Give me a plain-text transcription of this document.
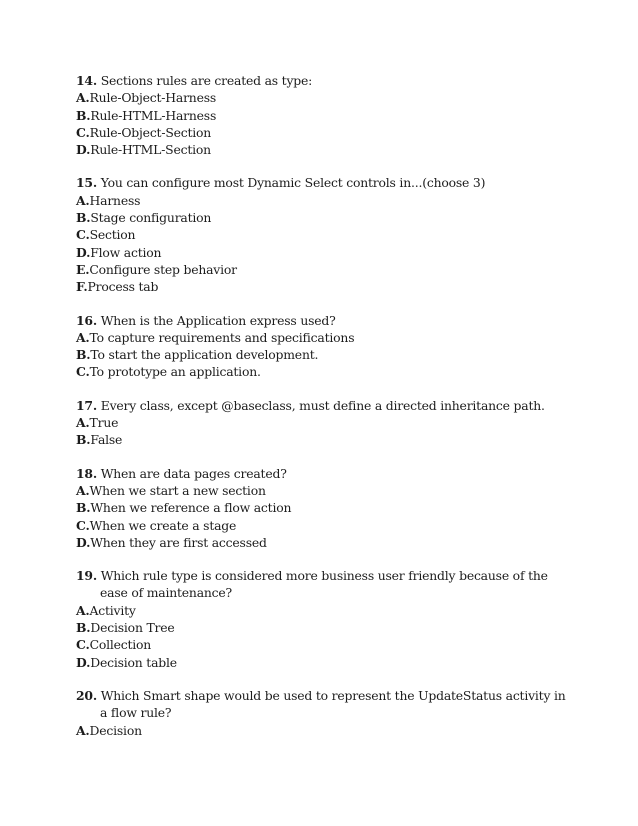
14. Sections rules are created as type:
A.Rule-Object-Harness
B.Rule-HTML-Harness
C.Rule-Object-Section
D.Rule-HTML-Section
15. You can configure most Dynamic Select controls in...(choose 3)
A.Harness
B.Stage configuration
C.Section
D.Flow action
E.Configure step behavior
F.Process tab
16. When is the Application express used?
A.To capture requirements and specifications
B.To start the application development.
C.To prototype an application.
17. Every class, except @baseclass, must define a directed inheritance path.
A.True
B.False
18. When are data pages created?
A.When we start a new section
B.When we reference a flow action
C.When we create a stage
D.When they are first accessed
19. Which rule type is considered more business user friendly because of the ease of maintenance?
A.Activity
B.Decision Tree
C.Collection
D.Decision table
20. Which Smart shape would be used to represent the UpdateStatus activity in a flow rule?
A.Decision
